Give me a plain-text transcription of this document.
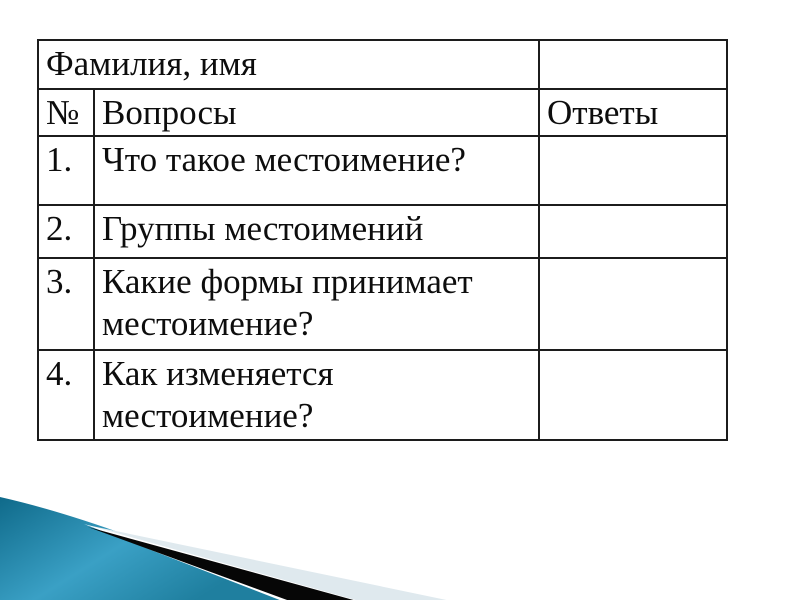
Фамилия, имя		
№	Вопросы	Ответы
1.	Что такое местоимение?	
2.	Группы местоимений	
3.	Какие формы принимает местоимение?	
4.	Как изменяется местоимение?	
